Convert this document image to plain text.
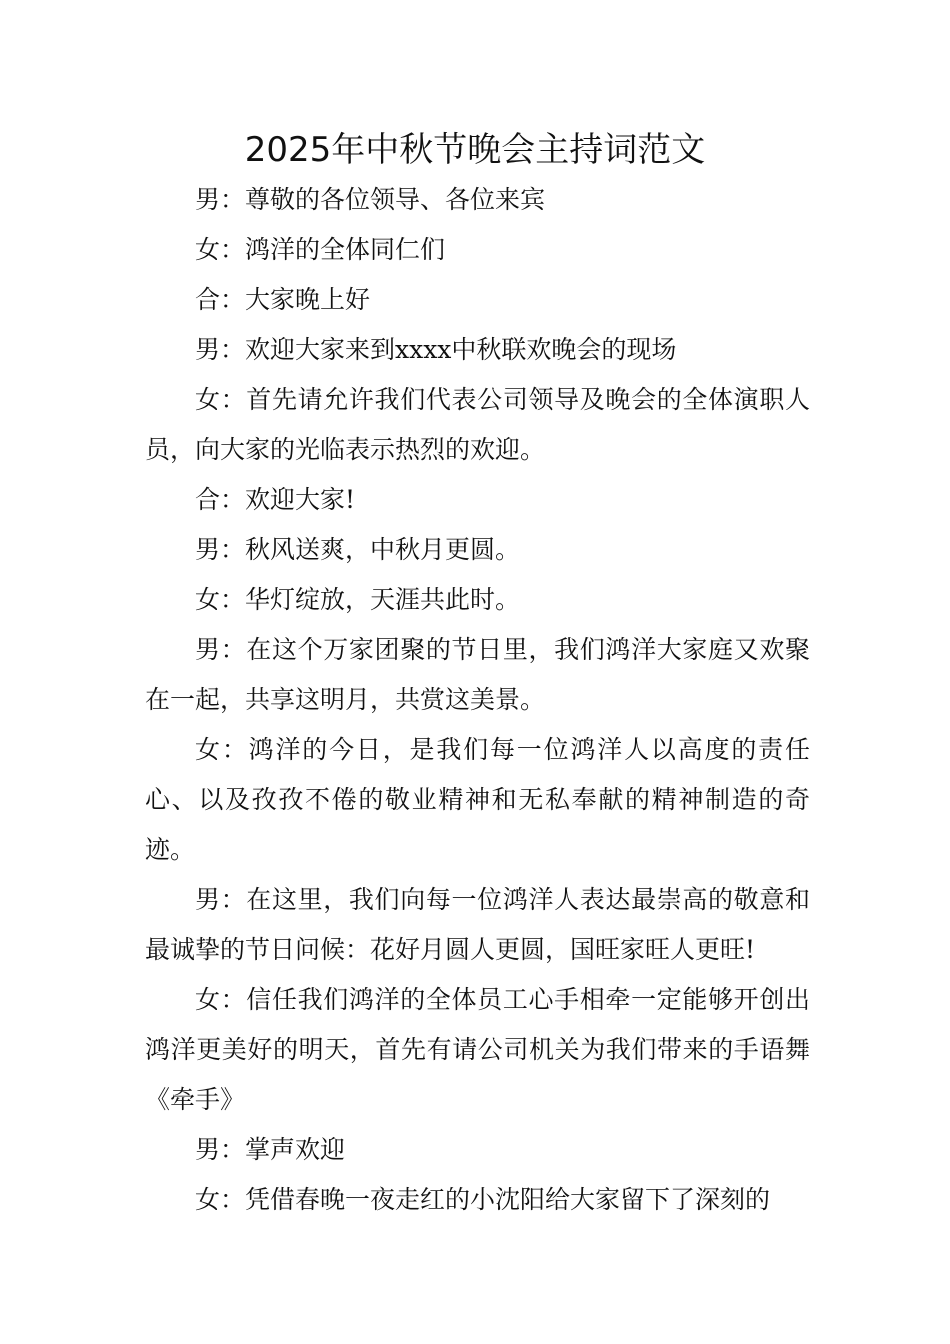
2025年中秋节晚会主持词范文

男：尊敬的各位领导、各位来宾

女：鸿洋的全体同仁们

合：大家晚上好

男：欢迎大家来到xxxx中秋联欢晚会的现场

女：首先请允许我们代表公司领导及晚会的全体演职人员，向大家的光临表示热烈的欢迎。

合：欢迎大家!

男：秋风送爽，中秋月更圆。

女：华灯绽放，天涯共此时。

男：在这个万家团聚的节日里，我们鸿洋大家庭又欢聚在一起，共享这明月，共赏这美景。

女：鸿洋的今日，是我们每一位鸿洋人以高度的责任心、以及孜孜不倦的敬业精神和无私奉献的精神制造的奇迹。

男：在这里，我们向每一位鸿洋人表达最崇高的敬意和最诚挚的节日问候：花好月圆人更圆，国旺家旺人更旺!

女：信任我们鸿洋的全体员工心手相牵一定能够开创出鸿洋更美好的明天，首先有请公司机关为我们带来的手语舞《牵手》

男：掌声欢迎

女：凭借春晚一夜走红的小沈阳给大家留下了深刻的
